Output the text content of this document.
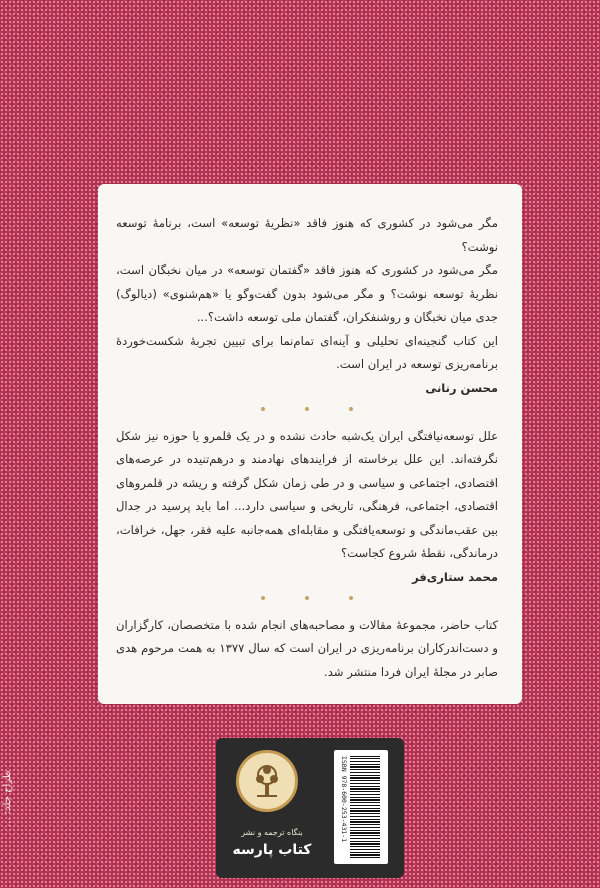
طراح جلد: ...

مگر می‌شود در کشوری که هنوز فاقد «نظریهٔ توسعه» است، برنامهٔ توسعه نوشت؟

مگر می‌شود در کشوری که هنوز فاقد «گفتمان توسعه» در میان نخبگان است، نظریهٔ توسعه نوشت؟ و مگر می‌شود بدون گفت‌وگو یا «هم‌شنوی» (دیالوگ) جدی میان نخبگان و روشنفکران، گفتمان ملی توسعه داشت؟...

این کتاب گنجینه‌ای تحلیلی و آینه‌ای تمام‌نما برای تبیین تجربهٔ شکست‌خوردهٔ برنامه‌ریزی توسعه در ایران است.

محسن رنانی

علل توسعه‌نیافتگی ایران یک‌شبه حادث نشده و در یک قلمرو یا حوزه نیز شکل نگرفته‌اند. این علل برخاسته از فرایندهای نهادمند و درهم‌تنیده در عرصه‌های اقتصادی، اجتماعی و سیاسی و در طی زمان شکل گرفته و ریشه در قلمروهای اقتصادی، اجتماعی، فرهنگی، تاریخی و سیاسی دارد... اما باید پرسید در جدال بین عقب‌ماندگی و توسعه‌یافتگی و مقابله‌ای همه‌جانبه علیه فقر، جهل، خرافات، درماندگی، نقطهٔ شروع کجاست؟

محمد ستاری‌فر

کتاب حاضر، مجموعهٔ مقالات و مصاحبه‌های انجام شده با متخصصان، کارگزاران و دست‌اندرکاران برنامه‌ریزی در ایران است که سال ۱۳۷۷ به همت مرحوم هدی صابر در مجلهٔ ایران فردا منتشر شد.

بنگاه ترجمه و نشر
کتاب پارسه
ISBN 978-600-253-431-1
